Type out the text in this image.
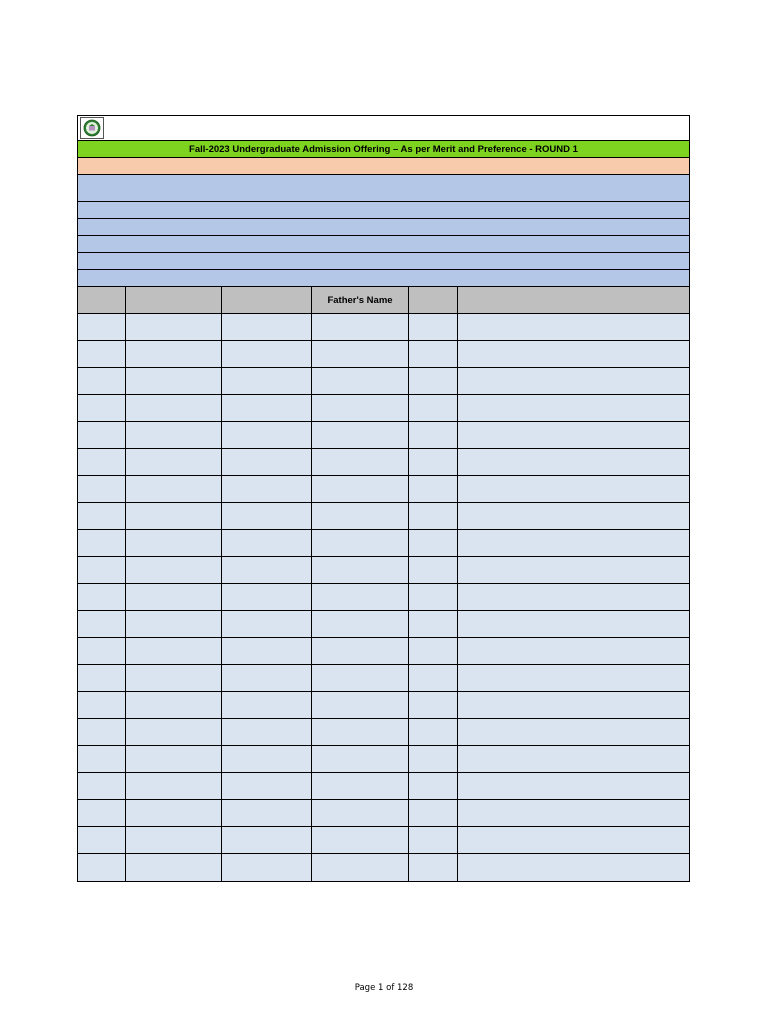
Fall-2023 Undergraduate Admission Offering – As per Merit and Preference - ROUND 1
Father's Name
Page 1 of 128
